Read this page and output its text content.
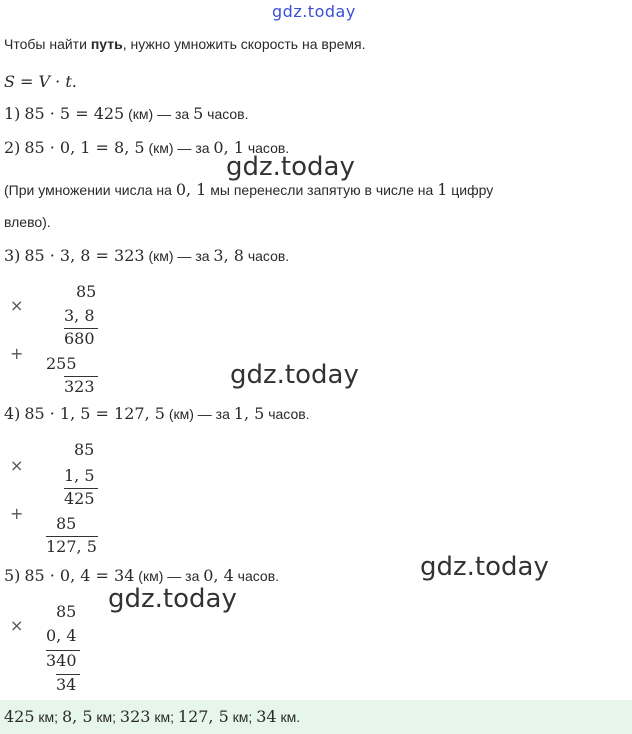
gdz.today
Чтобы найти путь, нужно умножить скорость на время.
S = V · t.
1) 85 · 5 = 425 (км) — за 5 часов.
2) 85 · 0, 1 = 8, 5 (км) — за 0, 1 часов.
gdz.today
(При умножении числа на 0, 1 мы перенесли запятую в числе на 1 цифру
влево).
3) 85 · 3, 8 = 323 (км) — за 3, 8 часов.
×
85
3, 8
680
+
255
323	gdz.today
4) 85 · 1, 5 = 127, 5 (км) — за 1, 5 часов.
×
85
1, 5
425
+
85
127, 5
gdz.today
5) 85 · 0, 4 = 34 (км) — за 0, 4 часов.
gdz.today
85
×
0, 4
340
34
425 км; 8, 5 км; 323 км; 127, 5 км; 34 км.
